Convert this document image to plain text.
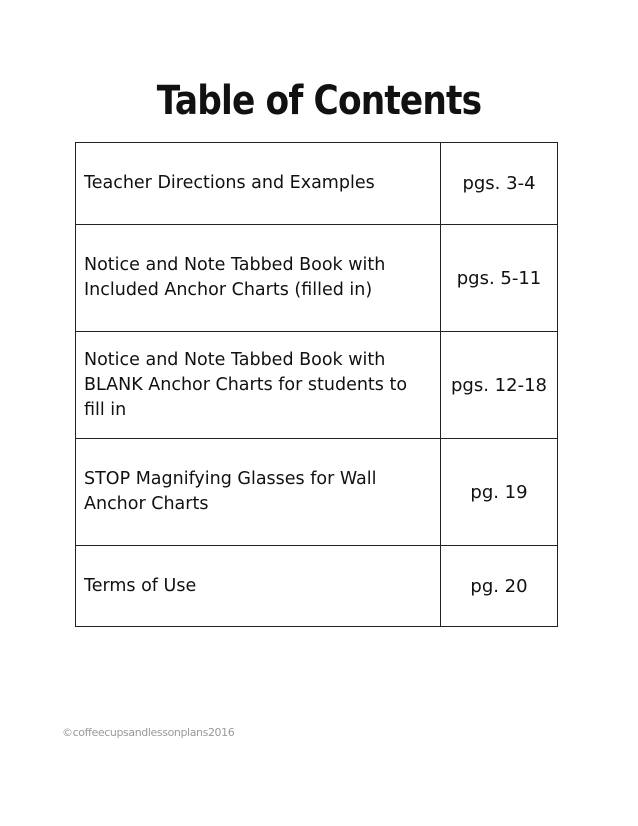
Table of Contents
Teacher Directions and Examples	pgs. 3-4
Notice and Note Tabbed Book with Included Anchor Charts (filled in)	pgs. 5-11
Notice and Note Tabbed Book with BLANK Anchor Charts for students to fill in	pgs. 12-18
STOP Magnifying Glasses for Wall Anchor Charts	pg. 19
Terms of Use	pg. 20
©coffeecupsandlessonplans2016
